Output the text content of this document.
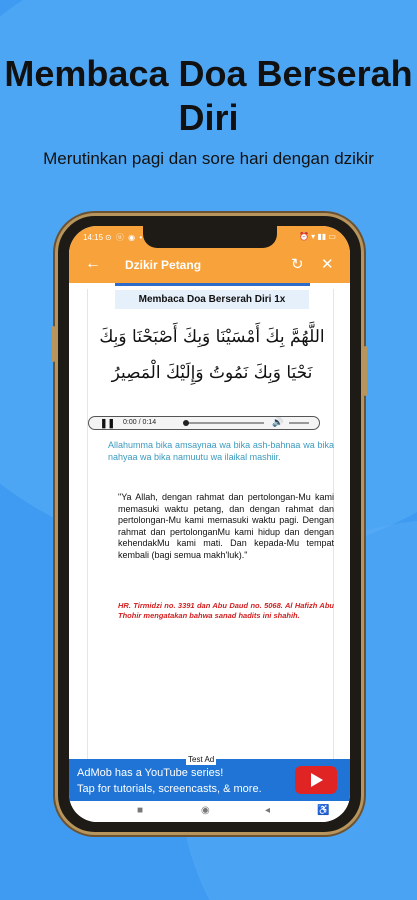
Membaca Doa Berserah Diri
Merutinkan pagi dan sore hari dengan dzikir
14:15 ⊙ ⓤ ◉ •	⏰ ▾ ▮▮ ▭
← Dzikir Petang	↻ ✕
Membaca Doa Berserah Diri 1x
اللَّهُمَّ بِكَ أَمْسَيْنَا وَبِكَ أَصْبَحْنَا وَبِكَ نَحْيَا وَبِكَ نَمُوتُ وَإِلَيْكَ الْمَصِيرُ
Allahumma bika amsaynaa wa bika ash-bahnaa wa bika nahyaa wa bika namuutu wa ilaikal mashiir.
"Ya Allah, dengan rahmat dan pertolongan-Mu kami memasuki waktu petang, dan dengan rahmat dan pertolongan-Mu kami memasuki waktu pagi. Dengan rahmat dan pertolonganMu kami hidup dan dengan kehendakMu kami mati. Dan kepada-Mu tempat kembali (bagi semua makh'luk)."
HR. Tirmidzi no. 3391 dan Abu Daud no. 5068. Al Hafizh Abu Thohir mengatakan bahwa sanad hadits ini shahih.
❚❚ 0:00 / 0:14	🔊
Test Ad
AdMob has a YouTube series!
Tap for tutorials, screencasts, & more.
■	◉	◂	♿
